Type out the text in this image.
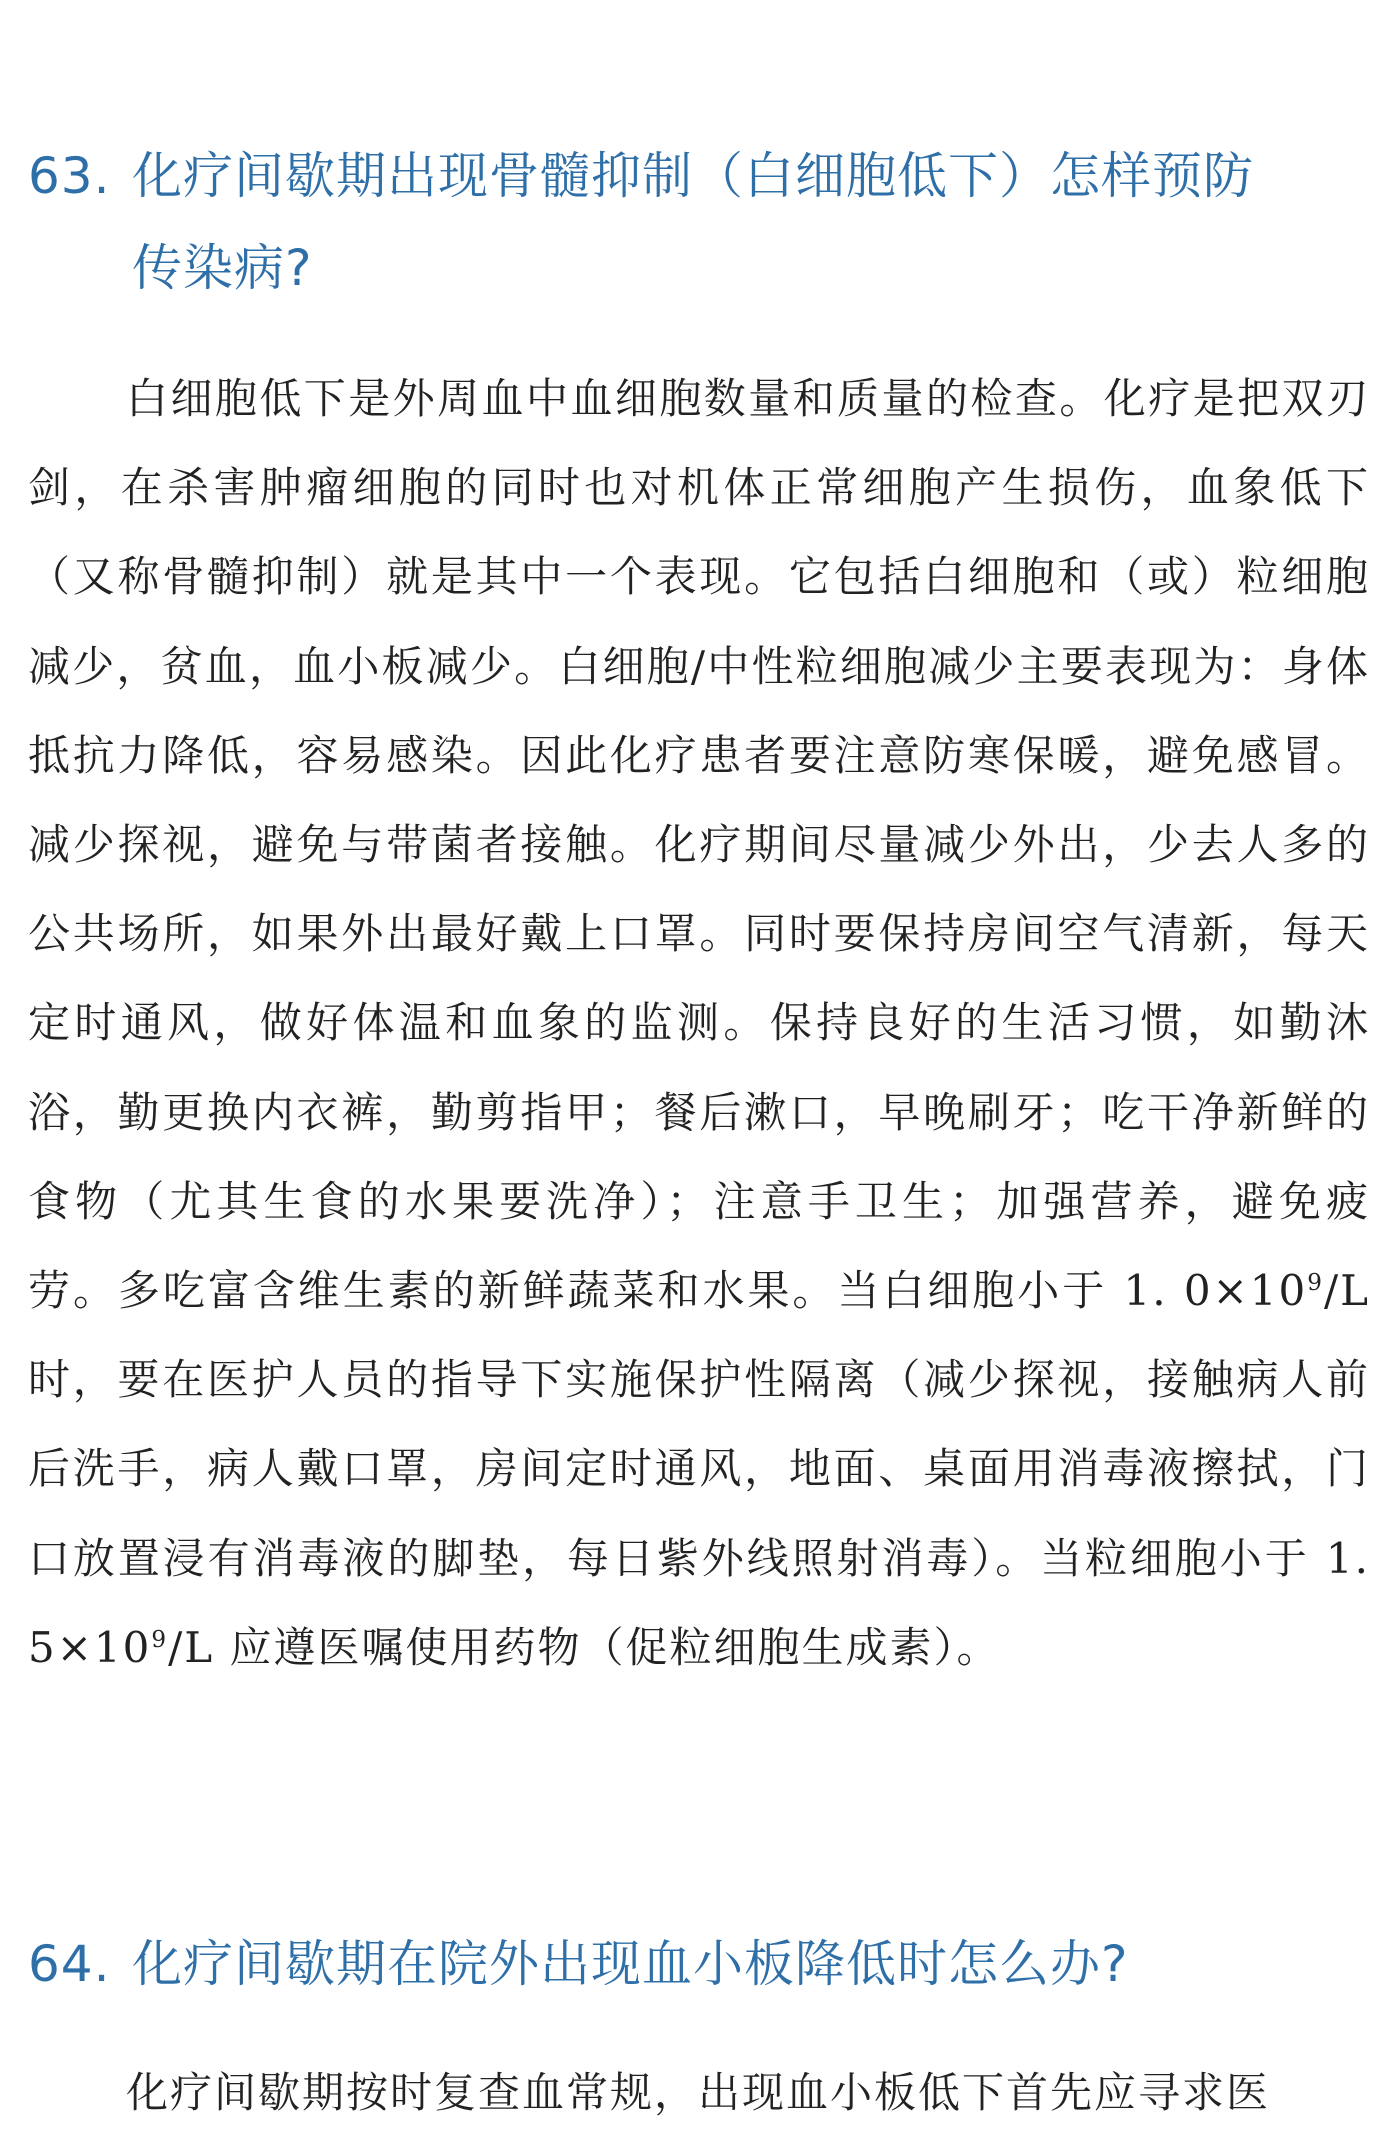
63. 化疗间歇期出现骨髓抑制（白细胞低下）怎样预防
传染病?

白细胞低下是外周血中血细胞数量和质量的检查。化疗是把双刃剑，在杀害肿瘤细胞的同时也对机体正常细胞产生损伤，血象低下（又称骨髓抑制）就是其中一个表现。它包括白细胞和（或）粒细胞减少，贫血，血小板减少。白细胞/中性粒细胞减少主要表现为：身体抵抗力降低，容易感染。因此化疗患者要注意防寒保暖，避免感冒。减少探视，避免与带菌者接触。化疗期间尽量减少外出，少去人多的公共场所，如果外出最好戴上口罩。同时要保持房间空气清新，每天定时通风，做好体温和血象的监测。保持良好的生活习惯，如勤沐浴，勤更换内衣裤，勤剪指甲；餐后漱口，早晚刷牙；吃干净新鲜的食物（尤其生食的水果要洗净）；注意手卫生；加强营养，避免疲劳。多吃富含维生素的新鲜蔬菜和水果。当白细胞小于 1. $0\times 10^9/L$ 时，要在医护人员的指导下实施保护性隔离（减少探视，接触病人前后洗手，病人戴口罩，房间定时通风，地面、桌面用消毒液擦拭，门口放置浸有消毒液的脚垫，每日紫外线照射消毒）。当粒细胞小于 1. $5\times 10^9/L$ 应遵医嘱使用药物（促粒细胞生成素）。

64. 化疗间歇期在院外出现血小板降低时怎么办?

化疗间歇期按时复查血常规，出现血小板低下首先应寻求医
